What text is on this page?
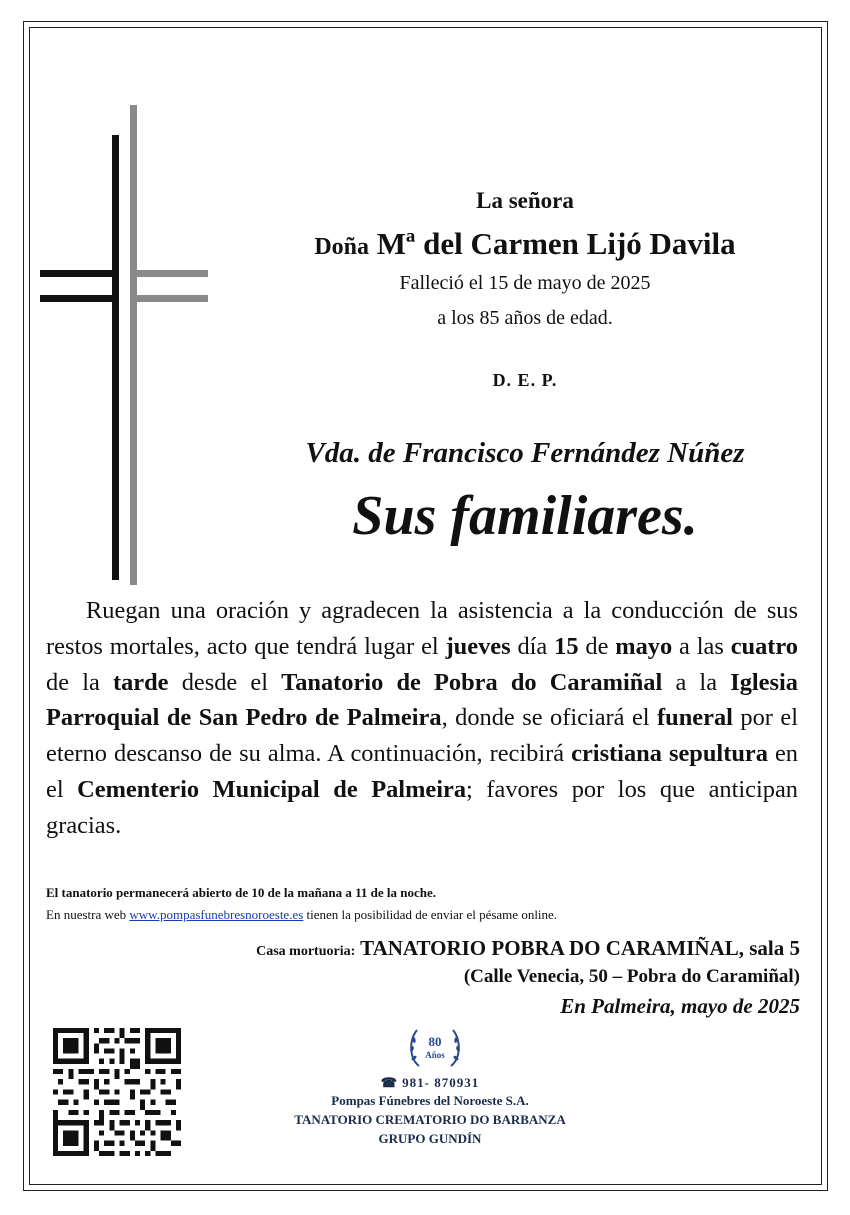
La señora
Doña Mª del Carmen Lijó Davila
Falleció el 15 de mayo de 2025
a los 85 años de edad.
D. E. P.
Vda. de Francisco Fernández Núñez
Sus familiares.

Ruegan una oración y agradecen la asistencia a la conducción de sus restos mortales, acto que tendrá lugar el jueves día 15 de mayo a las cuatro de la tarde desde el Tanatorio de Pobra do Caramiñal a la Iglesia Parroquial de San Pedro de Palmeira, donde se oficiará el funeral por el eterno descanso de su alma. A continuación, recibirá cristiana sepultura en el Cementerio Municipal de Palmeira; favores por los que anticipan gracias.

El tanatorio permanecerá abierto de 10 de la mañana a 11 de la noche.
En nuestra web www.pompasfunebresnoroeste.es tienen la posibilidad de enviar el pésame online.
Casa mortuoria: TANATORIO POBRA DO CARAMIÑAL, sala 5
(Calle Venecia, 50 – Pobra do Caramiñal)
En Palmeira, mayo de 2025
80
Años
☎ 981- 870931
Pompas Fúnebres del Noroeste S.A.
TANATORIO CREMATORIO DO BARBANZA
GRUPO GUNDÍN
